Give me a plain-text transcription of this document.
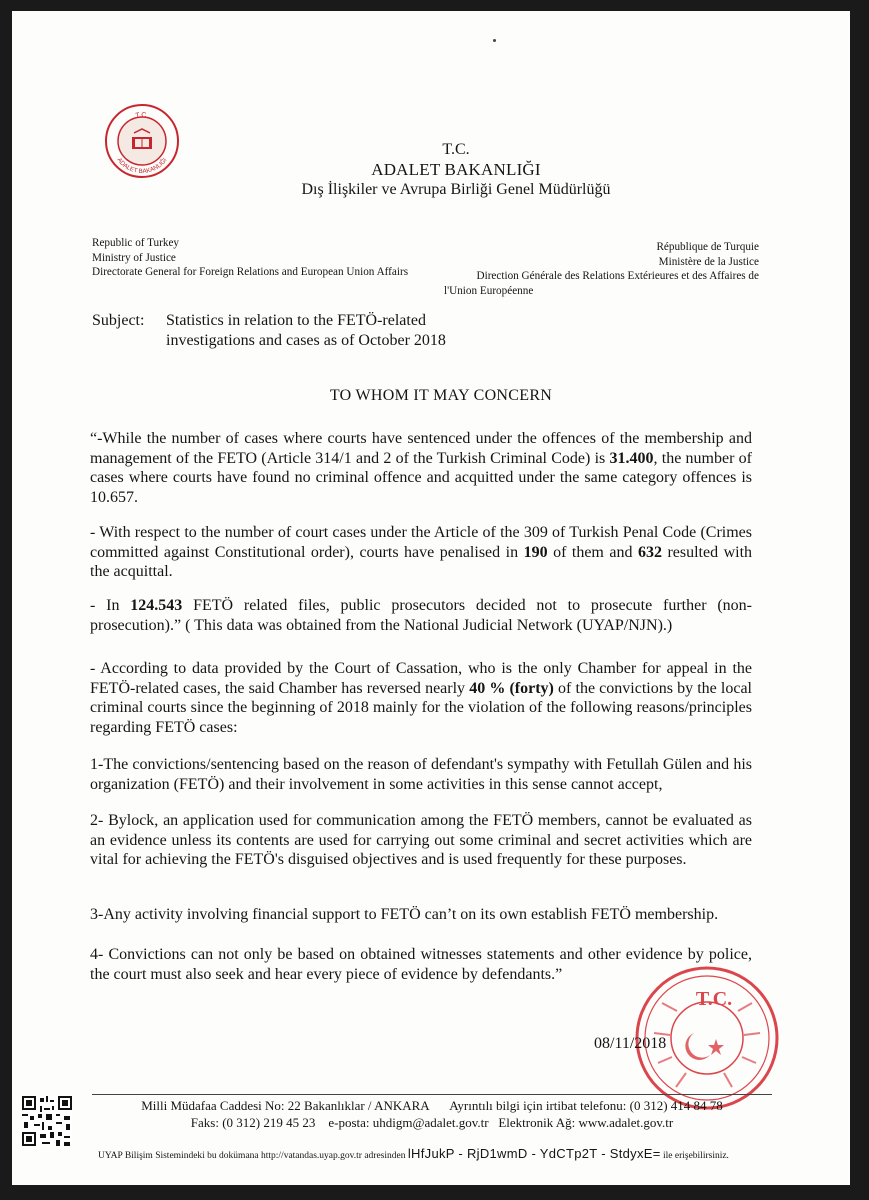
T.C.
ADALET BAKANLIĞI
T.C.
ADALET BAKANLIĞI
Dış İlişkiler ve Avrupa Birliği Genel Müdürlüğü
Republic of Turkey
Ministry of Justice
Directorate General for Foreign Relations and European Union Affairs
République de Turquie
Ministère de la Justice
Direction Générale des Relations Extérieures et des Affaires de
l'Union Européenne
Subject: Statistics in relation to the FETÖ-related
investigations and cases as of October 2018
TO WHOM IT MAY CONCERN
“-While the number of cases where courts have sentenced under the offences of the membership and management of the FETO (Article 314/1 and 2 of the Turkish Criminal Code) is 31.400, the number of cases where courts have found no criminal offence and acquitted under the same category offences is 10.657.
- With respect to the number of court cases under the Article of the 309 of Turkish Penal Code (Crimes committed against Constitutional order), courts have penalised in 190 of them and 632 resulted with the acquittal.
- In 124.543 FETÖ related files, public prosecutors decided not to prosecute further (non-prosecution).” ( This data was obtained from the National Judicial Network (UYAP/NJN).)
- According to data provided by the Court of Cassation, who is the only Chamber for appeal in the FETÖ-related cases, the said Chamber has reversed nearly 40 % (forty) of the convictions by the local criminal courts since the beginning of 2018 mainly for the violation of the following reasons/principles regarding FETÖ cases:
1-The convictions/sentencing based on the reason of defendant's sympathy with Fetullah Gülen and his organization (FETÖ) and their involvement in some activities in this sense cannot accept,
2- Bylock, an application used for communication among the FETÖ members, cannot be evaluated as an evidence unless its contents are used for carrying out some criminal and secret activities which are vital for achieving the FETÖ's disguised objectives and is used frequently for these purposes.
3-Any activity involving financial support to FETÖ can’t on its own establish FETÖ membership.
4- Convictions can not only be based on obtained witnesses statements and other evidence by police, the court must also seek and hear every piece of evidence by defendants.”
T.C.
08/11/2018
Milli Müdafaa Caddesi No: 22 Bakanlıklar / ANKARA Ayrıntılı bilgi için irtibat telefonu: (0 312) 414 84 78
Faks: (0 312) 219 45 23 e-posta: uhdigm@adalet.gov.tr Elektronik Ağ: www.adalet.gov.tr
UYAP Bilişim Sistemindeki bu dokümana http://vatandas.uyap.gov.tr adresinden lHfJukP - RjD1wmD - YdCTp2T - StdyxE= ile erişebilirsiniz.
